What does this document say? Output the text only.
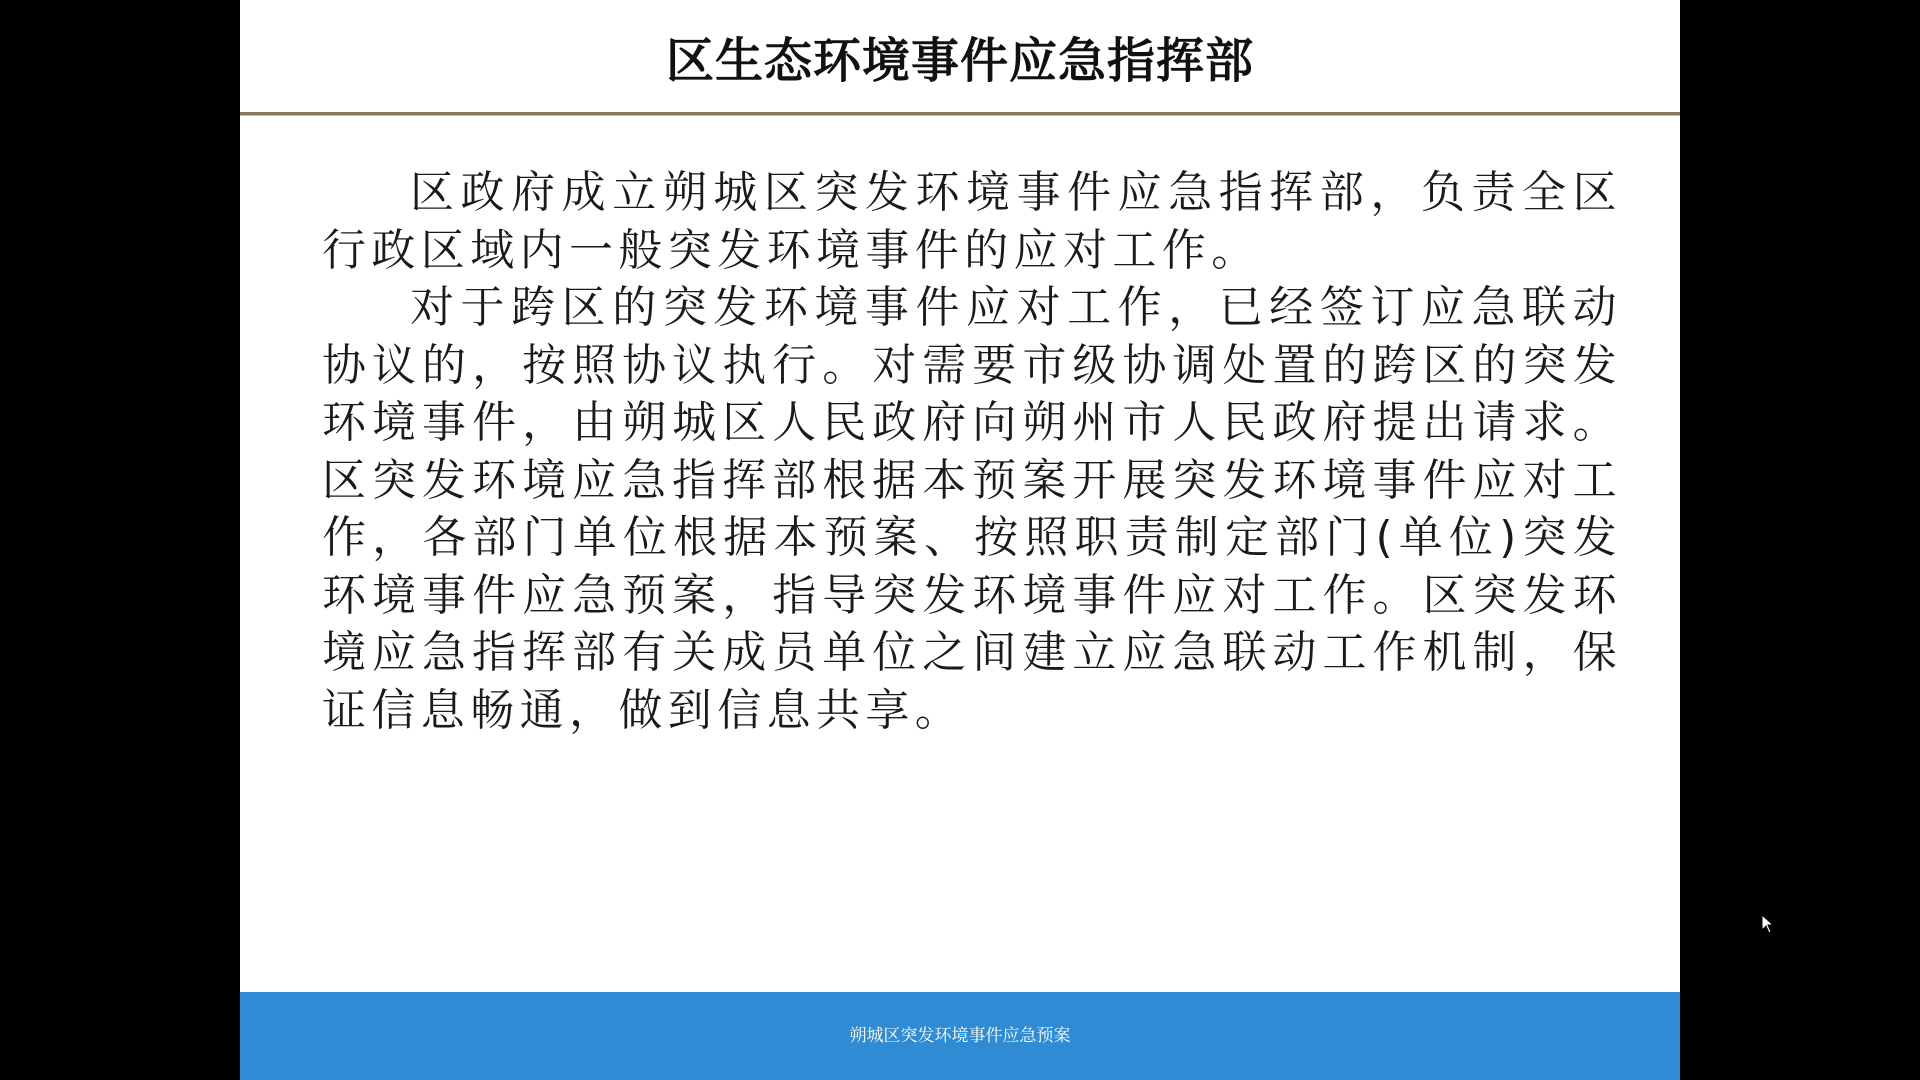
区生态环境事件应急指挥部

区政府成立朔城区突发环境事件应急指挥部，负责全区行政区域内一般突发环境事件的应对工作。

对于跨区的突发环境事件应对工作，已经签订应急联动协议的，按照协议执行。对需要市级协调处置的跨区的突发环境事件，由朔城区人民政府向朔州市人民政府提出请求。区突发环境应急指挥部根据本预案开展突发环境事件应对工作，各部门单位根据本预案、按照职责制定部门(单位)突发环境事件应急预案，指导突发环境事件应对工作。区突发环境应急指挥部有关成员单位之间建立应急联动工作机制，保证信息畅通，做到信息共享。

朔城区突发环境事件应急预案
